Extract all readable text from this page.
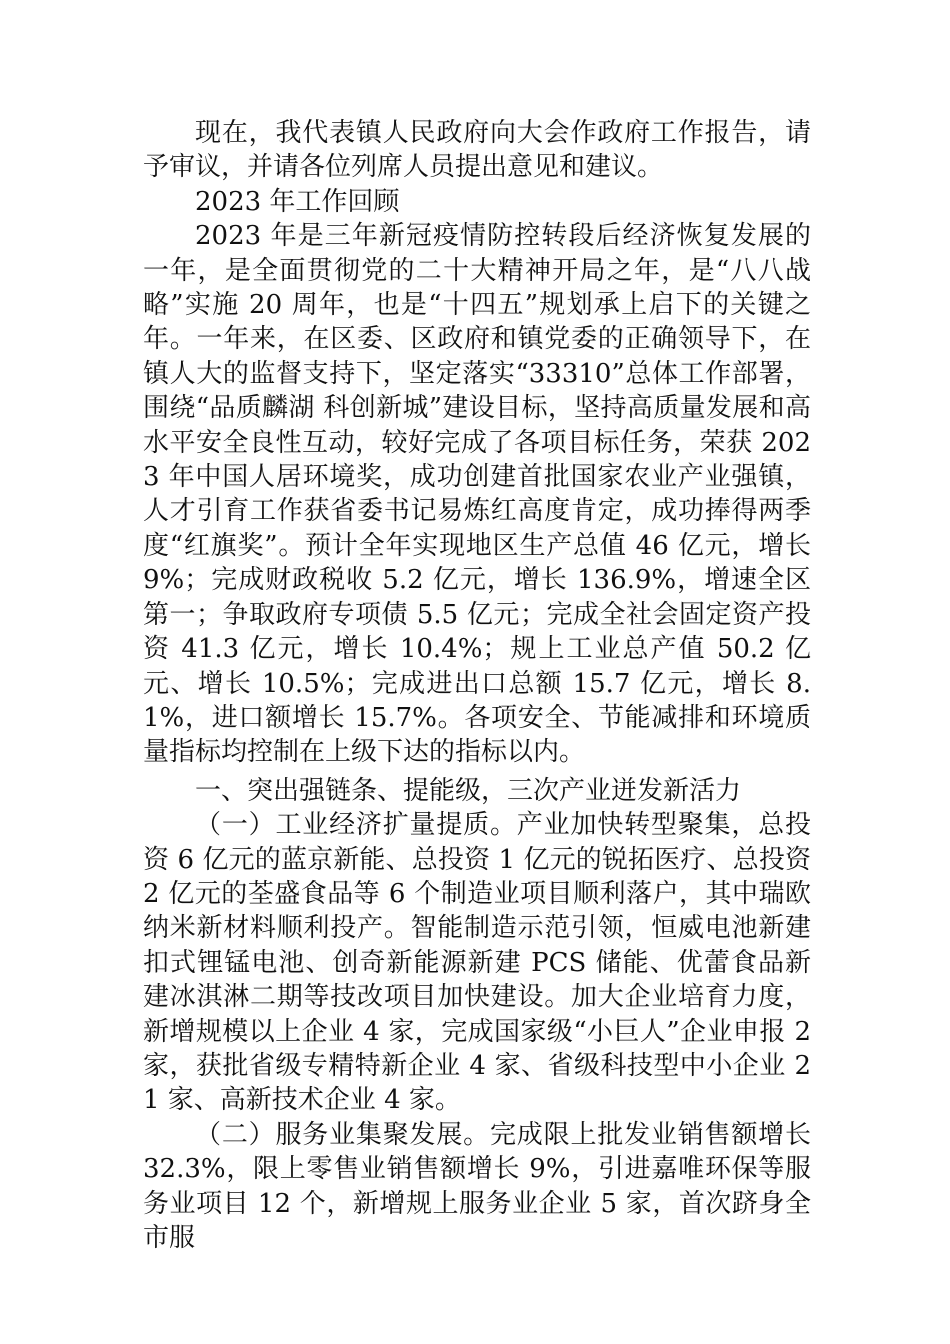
现在，我代表镇人民政府向大会作政府工作报告，请予审议，并请各位列席人员提出意见和建议。

2023 年工作回顾

2023 年是三年新冠疫情防控转段后经济恢复发展的一年，是全面贯彻党的二十大精神开局之年，是“八八战略”实施 20 周年，也是“十四五”规划承上启下的关键之年。一年来，在区委、区政府和镇党委的正确领导下，在镇人大的监督支持下，坚定落实“33310”总体工作部署，围绕“品质麟湖 科创新城”建设目标，坚持高质量发展和高水平安全良性互动，较好完成了各项目标任务，荣获 2023 年中国人居环境奖，成功创建首批国家农业产业强镇，人才引育工作获省委书记易炼红高度肯定，成功捧得两季度“红旗奖”。预计全年实现地区生产总值 46 亿元，增长 9%；完成财政税收 5.2 亿元，增长 136.9%，增速全区第一；争取政府专项债 5.5 亿元；完成全社会固定资产投资 41.3 亿元，增长 10.4%；规上工业总产值 50.2 亿元、增长 10.5%；完成进出口总额 15.7 亿元，增长 8.1%，进口额增长 15.7%。各项安全、节能减排和环境质量指标均控制在上级下达的指标以内。

一、突出强链条、提能级，三次产业迸发新活力

（一）工业经济扩量提质。产业加快转型聚集，总投资 6 亿元的蓝京新能、总投资 1 亿元的锐拓医疗、总投资 2 亿元的荃盛食品等 6 个制造业项目顺利落户，其中瑞欧纳米新材料顺利投产。智能制造示范引领，恒威电池新建扣式锂锰电池、创奇新能源新建 PCS 储能、优蕾食品新建冰淇淋二期等技改项目加快建设。加大企业培育力度，新增规模以上企业 4 家，完成国家级“小巨人”企业申报 2 家，获批省级专精特新企业 4 家、省级科技型中小企业 21 家、高新技术企业 4 家。

（二）服务业集聚发展。完成限上批发业销售额增长 32.3%，限上零售业销售额增长 9%，引进嘉唯环保等服务业项目 12 个，新增规上服务业企业 5 家，首次跻身全市服
